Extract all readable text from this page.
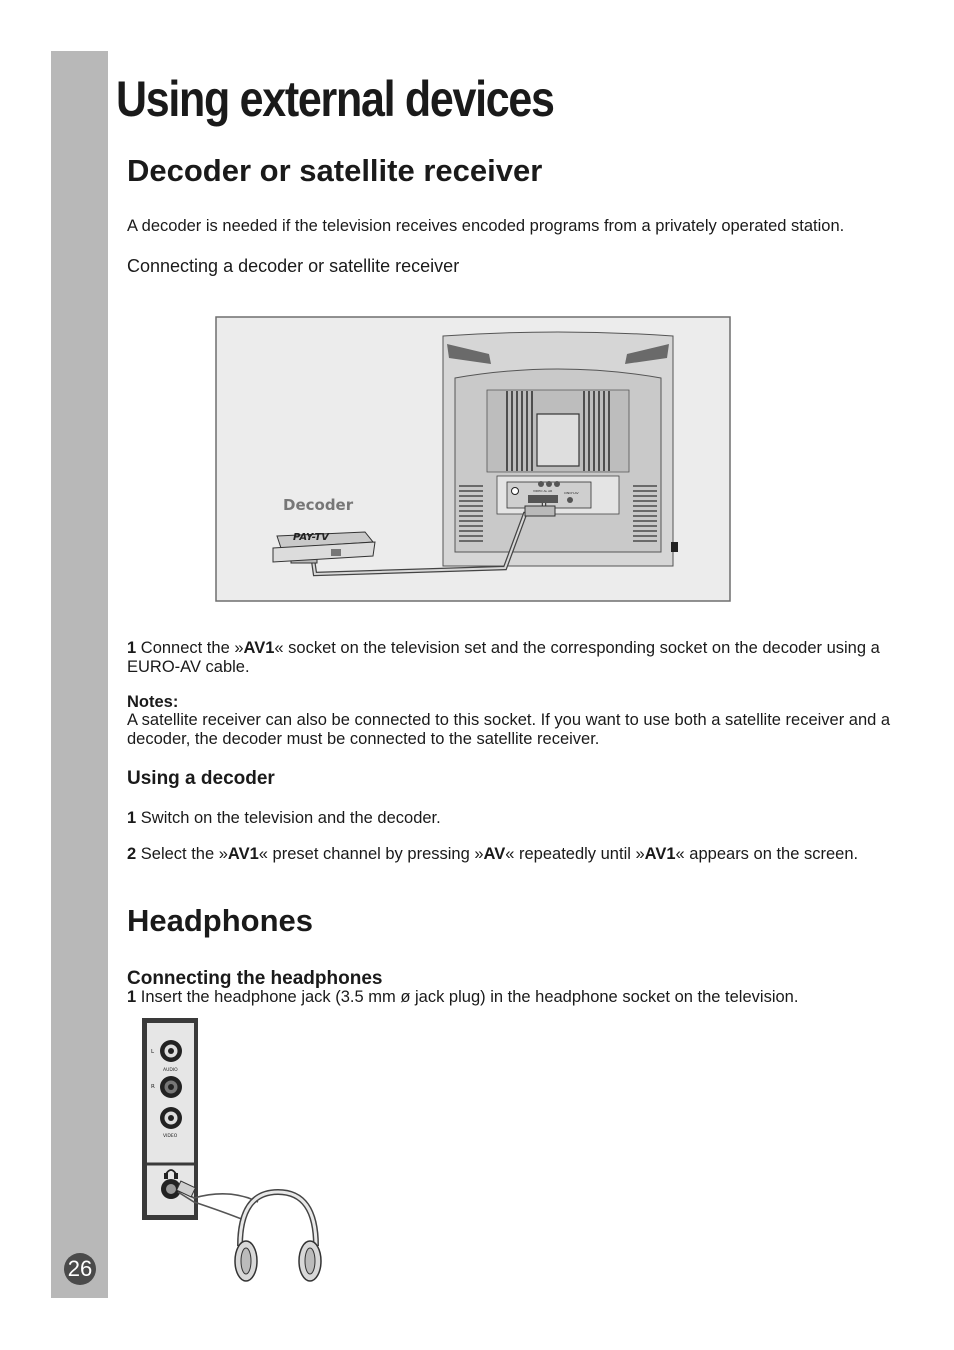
26
Using external devices
Decoder or satellite receiver

A decoder is needed if the television receives encoded programs from a privately operated station.

Connecting a decoder or satellite receiver

VIDEO AL AR	CINCH-AV
PAY-TV
Decoder

1 Connect the »AV1« socket on the television set and the corresponding socket on the decoder using a EURO-AV cable.

Notes:

A satellite receiver can also be connected to this socket. If you want to use both a satellite receiver and a decoder, the decoder must be connected to the satellite receiver.

Using a decoder

1 Switch on the television and the decoder.

2 Select the »AV1« preset channel by pressing »AV« repeatedly until »AV1« appears on the screen.

Headphones
Connecting the headphones

1 Insert the headphone jack (3.5 mm ø jack plug) in the headphone socket on the television.

L
R
AUDIO
VIDEO
